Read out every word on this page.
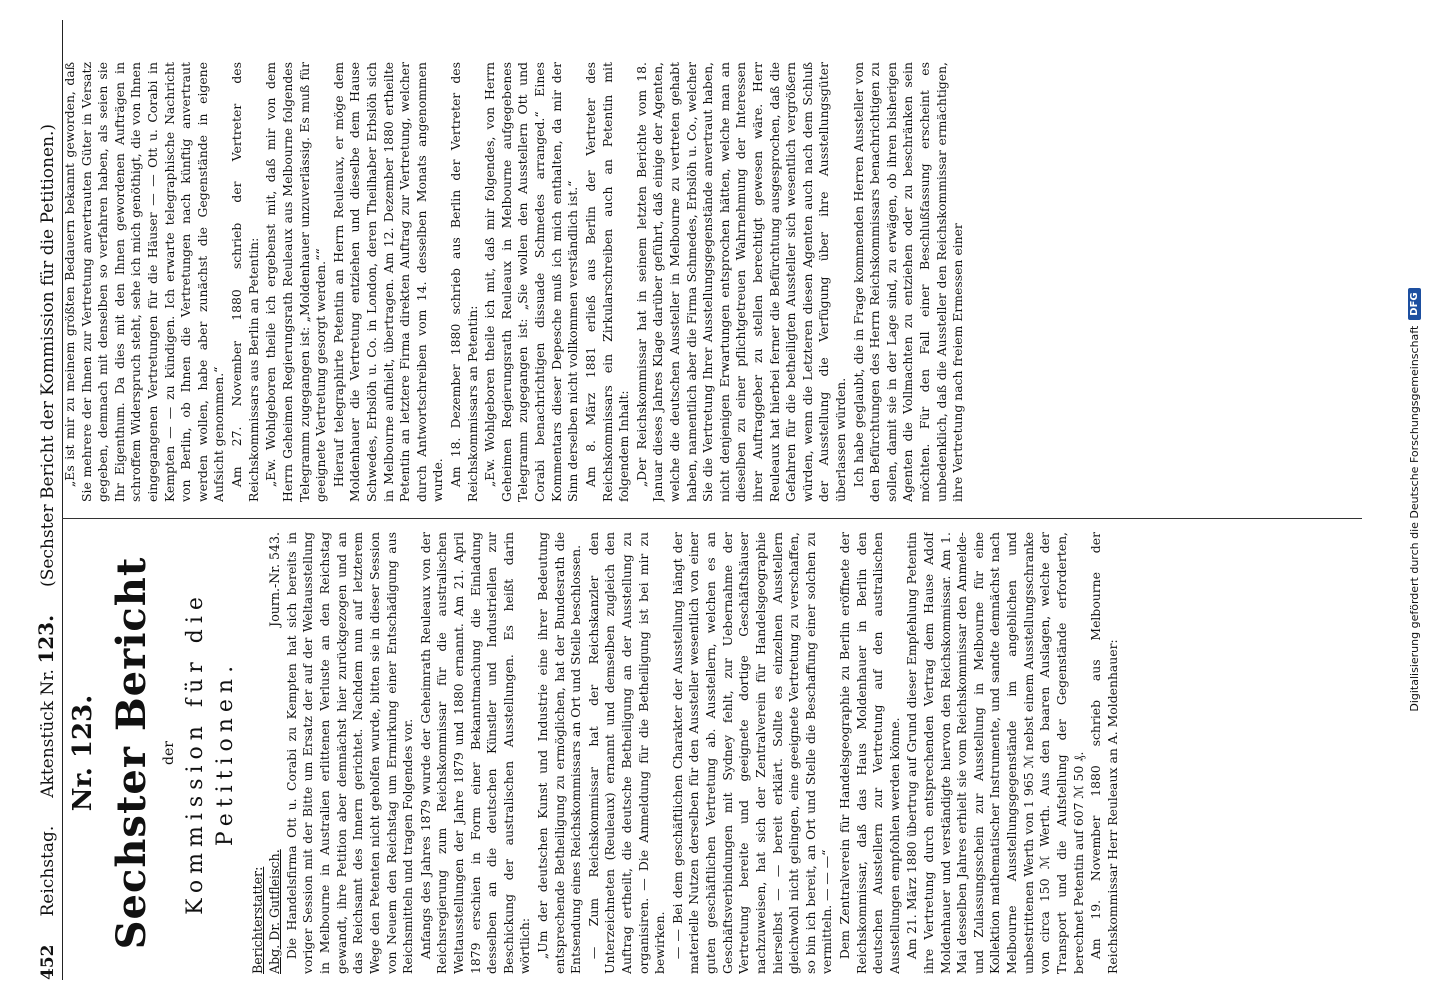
452
Reichstag.
Aktenstück Nr. 123.
(Sechster Bericht der Kommission für die Petitionen.)
Nr. 123. Sechster Bericht der Kommission für die Petitionen.
Berichterstatter: Abg. Dr. Gutfleisch.
Journ.-Nr. 543. Die Handelsfirma Ott u. Corabi zu Kempten hat sich bereits in voriger Session mit der Bitte um Ersatz der auf der Weltausstellung in Melbourne in Australien erlittenen Verluste an den Reichstag gewandt, ihre Petition aber demnächst hier zurückgezogen und an das Reichsamt des Innern gerichtet. Nachdem nun auf letzterem Wege den Petenten nicht geholfen wurde, bitten sie in dieser Session von Neuem den Reichstag um Ermirkung einer Entschädigung aus Reichsmitteln und tragen Folgendes vor. Anfangs des Jahres 1879 wurde der Geheimrath Reuleaux von der Reichsregierung zum Reichskommissar für die australischen Weltausstellungen der Jahre 1879 und 1880 ernannt. Am 21. April 1879 erschien in Form einer Bekanntmachung die Einladung desselben an die deutschen Künstler und Industriellen zur Beschickung der australischen Ausstellungen. Es heißt darin wörtlich: „Um der deutschen Kunst und Industrie eine ihrer Bedeutung entsprechende Betheiligung zu ermöglichen, hat der Bundesrath die Entsendung eines Reichskommissars an Ort und Stelle beschlossen. — Zum Reichskommissar hat der Reichskanzler den Unterzeichneten (Reuleaux) ernannt und demselben zugleich den Auftrag ertheilt, die deutsche Betheiligung an der Ausstellung zu organisiren. — Die Anmeldung für die Betheiligung ist bei mir zu bewirken. — — Bei dem geschäftlichen Charakter der Ausstellung hängt der materielle Nutzen derselben für den Aussteller wesentlich von einer guten geschäftlichen Vertretung ab. Ausstellern, welchen es an Geschäftsverbindungen mit Sydney fehlt, zur Uebernahme der Vertretung bereite und geeignete dortige Geschäftshäuser nachzuweisen, hat sich der Zentralverein für Handelsgeographie hierselbst — — bereit erklärt. Sollte es einzelnen Ausstellern gleichwohl nicht gelingen, eine geeignete Vertretung zu verschaffen, so bin ich bereit, an Ort und Stelle die Beschaffung einer solchen zu vermitteln. — — —“ Dem Zentralverein für Handelsgeographie zu Berlin eröffnete der Reichskommissar, daß das Haus Moldenhauer in Berlin den deutschen Ausstellern zur Vertretung auf den australischen Ausstellungen empfohlen werden könne. Am 21. März 1880 übertrug auf Grund dieser Empfehlung Petentin ihre Vertretung durch entsprechenden Vertrag dem Hause Adolf Moldenhauer und verständigte hiervon den Reichskommissar. Am 1. Mai desselben Jahres erhielt sie vom Reichskommissar den Anmelde- und Zulassungsschein zur Ausstellung in Melbourne für eine Kollektion mathematischer Instrumente, und sandte demnächst nach Melbourne Ausstellungsgegenstände im angeblichen und unbestrittenen Werth von 1 965 ℳ nebst einem Ausstellungsschranke von circa 150 ℳ Werth. Aus den baaren Auslagen, welche der Transport und die Aufstellung der Gegenstände erforderten, berechnet Petentin auf 607 ℳ 50 ₰. Am 19. November 1880 schrieb aus Melbourne der Reichskommissar Herr Reuleaux an A. Moldenhauer:

„Es ist mir zu meinem größten Bedauern bekannt geworden, daß Sie mehrere der Ihnen zur Vertretung anvertrauten Güter in Versatz gegeben, demnach mit denselben so verfahren haben, als seien sie Ihr Eigenthum. Da dies mit den Ihnen gewordenen Aufträgen in schroffem Widerspruch steht, sehe ich mich genöthigt, die von Ihnen eingegangenen Vertretungen für die Häuser — — Ott u. Corabi in Kempten — — zu kündigen. Ich erwarte telegraphische Nachricht von Berlin, ob Ihnen die Vertretungen nach künftig anvertraut werden wollen, habe aber zunächst die Gegenstände in eigene Aufsicht genommen.“ Am 27. November 1880 schrieb der Vertreter des Reichskommissars aus Berlin an Petentin: „Ew. Wohlgeboren theile ich ergebenst mit, daß mir von dem Herrn Geheimen Regierungsrath Reuleaux aus Melbourne folgendes Telegramm zugegangen ist: „Moldenhauer unzuverlässig. Es muß für geeignete Vertretung gesorgt werden.““ Hierauf telegraphirte Petentin an Herrn Reuleaux, er möge dem Moldenhauer die Vertretung entziehen und dieselbe dem Hause Schwedes, Erbslöh u. Co. in London, deren Theilhaber Erbslöh sich in Melbourne aufhielt, übertragen. Am 12. Dezember 1880 ertheilte Petentin an letztere Firma direkten Auftrag zur Vertretung, welcher durch Antwortschreiben vom 14. desselben Monats angenommen wurde. Am 18. Dezember 1880 schrieb aus Berlin der Vertreter des Reichskommissars an Petentin: „Ew. Wohlgeboren theile ich mit, daß mir folgendes, von Herrn Geheimen Regierungsrath Reuleaux in Melbourne aufgegebenes Telegramm zugegangen ist: „Sie wollen den Ausstellern Ott und Corabi benachrichtigen dissuade Schmedes arranged.“ Eines Kommentars dieser Depesche muß ich mich enthalten, da mir der Sinn derselben nicht vollkommen verständlich ist.“ Am 8. März 1881 erließ aus Berlin der Vertreter des Reichskommissars ein Zirkularschreiben auch an Petentin mit folgendem Inhalt: „Der Reichskommissar hat in seinem letzten Berichte vom 18. Januar dieses Jahres Klage darüber geführt, daß einige der Agenten, welche die deutschen Aussteller in Melbourne zu vertreten gehabt haben, namentlich aber die Firma Schmedes, Erbslöh u. Co., welcher Sie die Vertretung Ihrer Ausstellungsgegenstände anvertraut haben, nicht denjenigen Erwartungen entsprochen hätten, welche man an dieselben zu einer pflichtgetreuen Wahrnehmung der Interessen ihrer Auftraggeber zu stellen berechtigt gewesen wäre. Herr Reuleaux hat hierbei ferner die Befürchtung ausgesprochen, daß die Gefahren für die betheiligten Aussteller sich wesentlich vergrößern würden, wenn die Letzteren diesen Agenten auch nach dem Schluß der Ausstellung die Verfügung über ihre Ausstellungsgüter überlassen würden. Ich habe geglaubt, die in Frage kommenden Herren Aussteller von den Befürchtungen des Herrn Reichskommissars benachrichtigen zu sollen, damit sie in der Lage sind, zu erwägen, ob ihren bisherigen Agenten die Vollmachten zu entziehen oder zu beschränken sein möchten. Für den Fall einer Beschlußfassung erscheint es unbedenklich, daß die Aussteller den Reichskommissar ermächtigen, ihre Vertretung nach freiem Ermessen einer	Digitalisierung gefördert durch die Deutsche Forschungsgemeinschaft
DFG
